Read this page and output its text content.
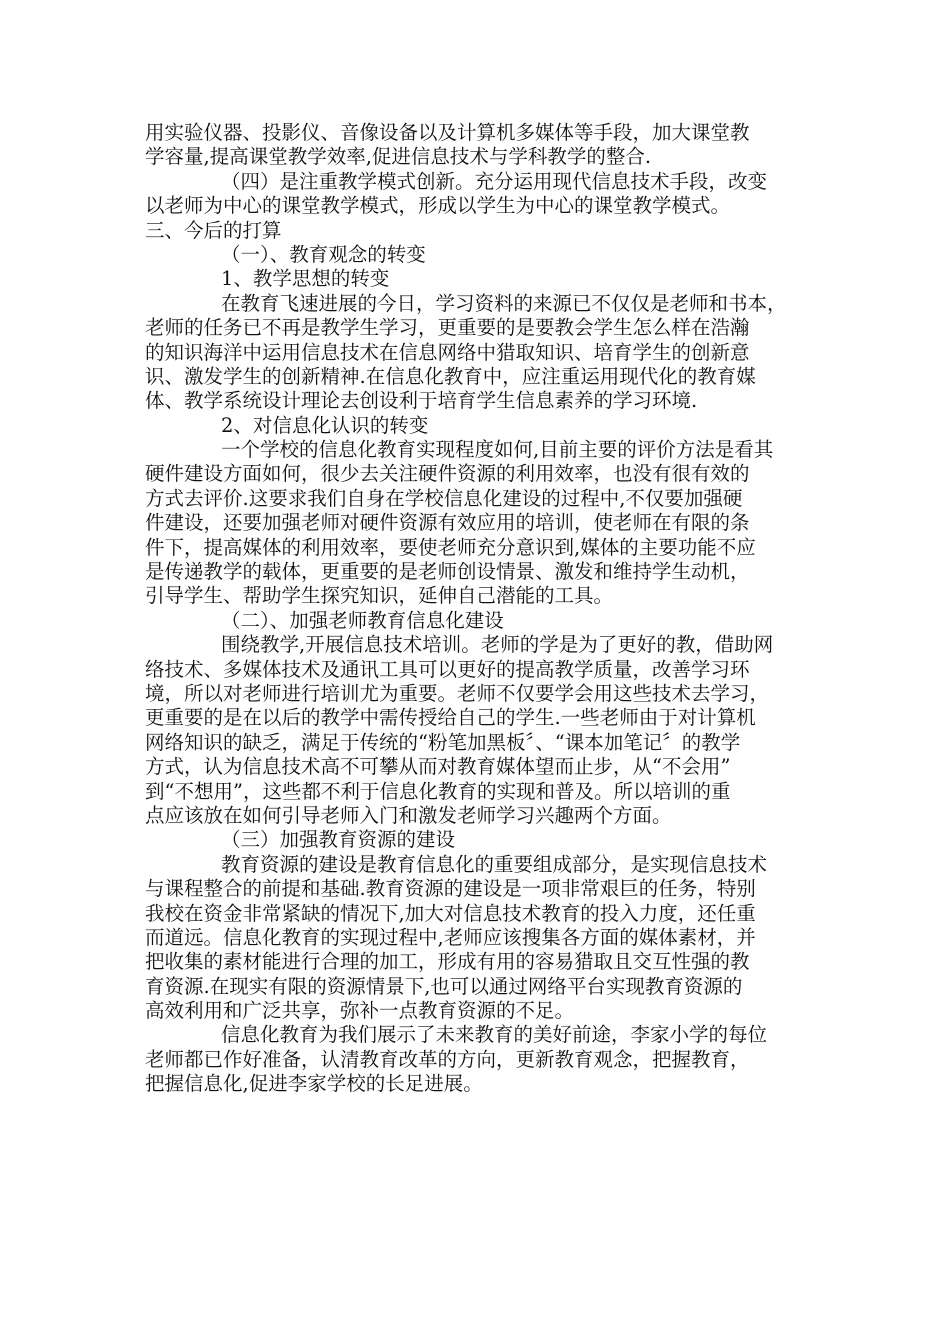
用实验仪器、投影仪、音像设备以及计算机多媒体等手段，加大课堂教
学容量,提高课堂教学效率,促进信息技术与学科教学的整合.
（四）是注重教学模式创新。充分运用现代信息技术手段，改变
以老师为中心的课堂教学模式，形成以学生为中心的课堂教学模式。
三、今后的打算
（一）、教育观念的转变
1、教学思想的转变
在教育飞速进展的今日，学习资料的来源已不仅仅是老师和书本，
老师的任务已不再是教学生学习，更重要的是要教会学生怎么样在浩瀚
的知识海洋中运用信息技术在信息网络中猎取知识、培育学生的创新意
识、激发学生的创新精神.在信息化教育中，应注重运用现代化的教育媒
体、教学系统设计理论去创设利于培育学生信息素养的学习环境.
2、对信息化认识的转变
一个学校的信息化教育实现程度如何,目前主要的评价方法是看其
硬件建设方面如何，很少去关注硬件资源的利用效率，也没有很有效的
方式去评价.这要求我们自身在学校信息化建设的过程中,不仅要加强硬
件建设，还要加强老师对硬件资源有效应用的培训，使老师在有限的条
件下，提高媒体的利用效率，要使老师充分意识到,媒体的主要功能不应
是传递教学的载体，更重要的是老师创设情景、激发和维持学生动机，
引导学生、帮助学生探究知识，延伸自己潜能的工具。
（二）、加强老师教育信息化建设
围绕教学,开展信息技术培训。老师的学是为了更好的教，借助网
络技术、多媒体技术及通讯工具可以更好的提高教学质量，改善学习环
境，所以对老师进行培训尤为重要。老师不仅要学会用这些技术去学习，
更重要的是在以后的教学中需传授给自己的学生.一些老师由于对计算机
网络知识的缺乏，满足于传统的“粉笔加黑板〞、“课本加笔记〞的教学
方式，认为信息技术高不可攀从而对教育媒体望而止步，从“不会用”
到“不想用”，这些都不利于信息化教育的实现和普及。所以培训的重
点应该放在如何引导老师入门和激发老师学习兴趣两个方面。
（三）加强教育资源的建设
教育资源的建设是教育信息化的重要组成部分，是实现信息技术
与课程整合的前提和基础.教育资源的建设是一项非常艰巨的任务，特别
我校在资金非常紧缺的情况下,加大对信息技术教育的投入力度，还任重
而道远。信息化教育的实现过程中,老师应该搜集各方面的媒体素材，并
把收集的素材能进行合理的加工，形成有用的容易猎取且交互性强的教
育资源.在现实有限的资源情景下,也可以通过网络平台实现教育资源的
高效利用和广泛共享，弥补一点教育资源的不足。
信息化教育为我们展示了未来教育的美好前途，李家小学的每位
老师都已作好准备，认清教育改革的方向，更新教育观念，把握教育，
把握信息化,促进李家学校的长足进展。
